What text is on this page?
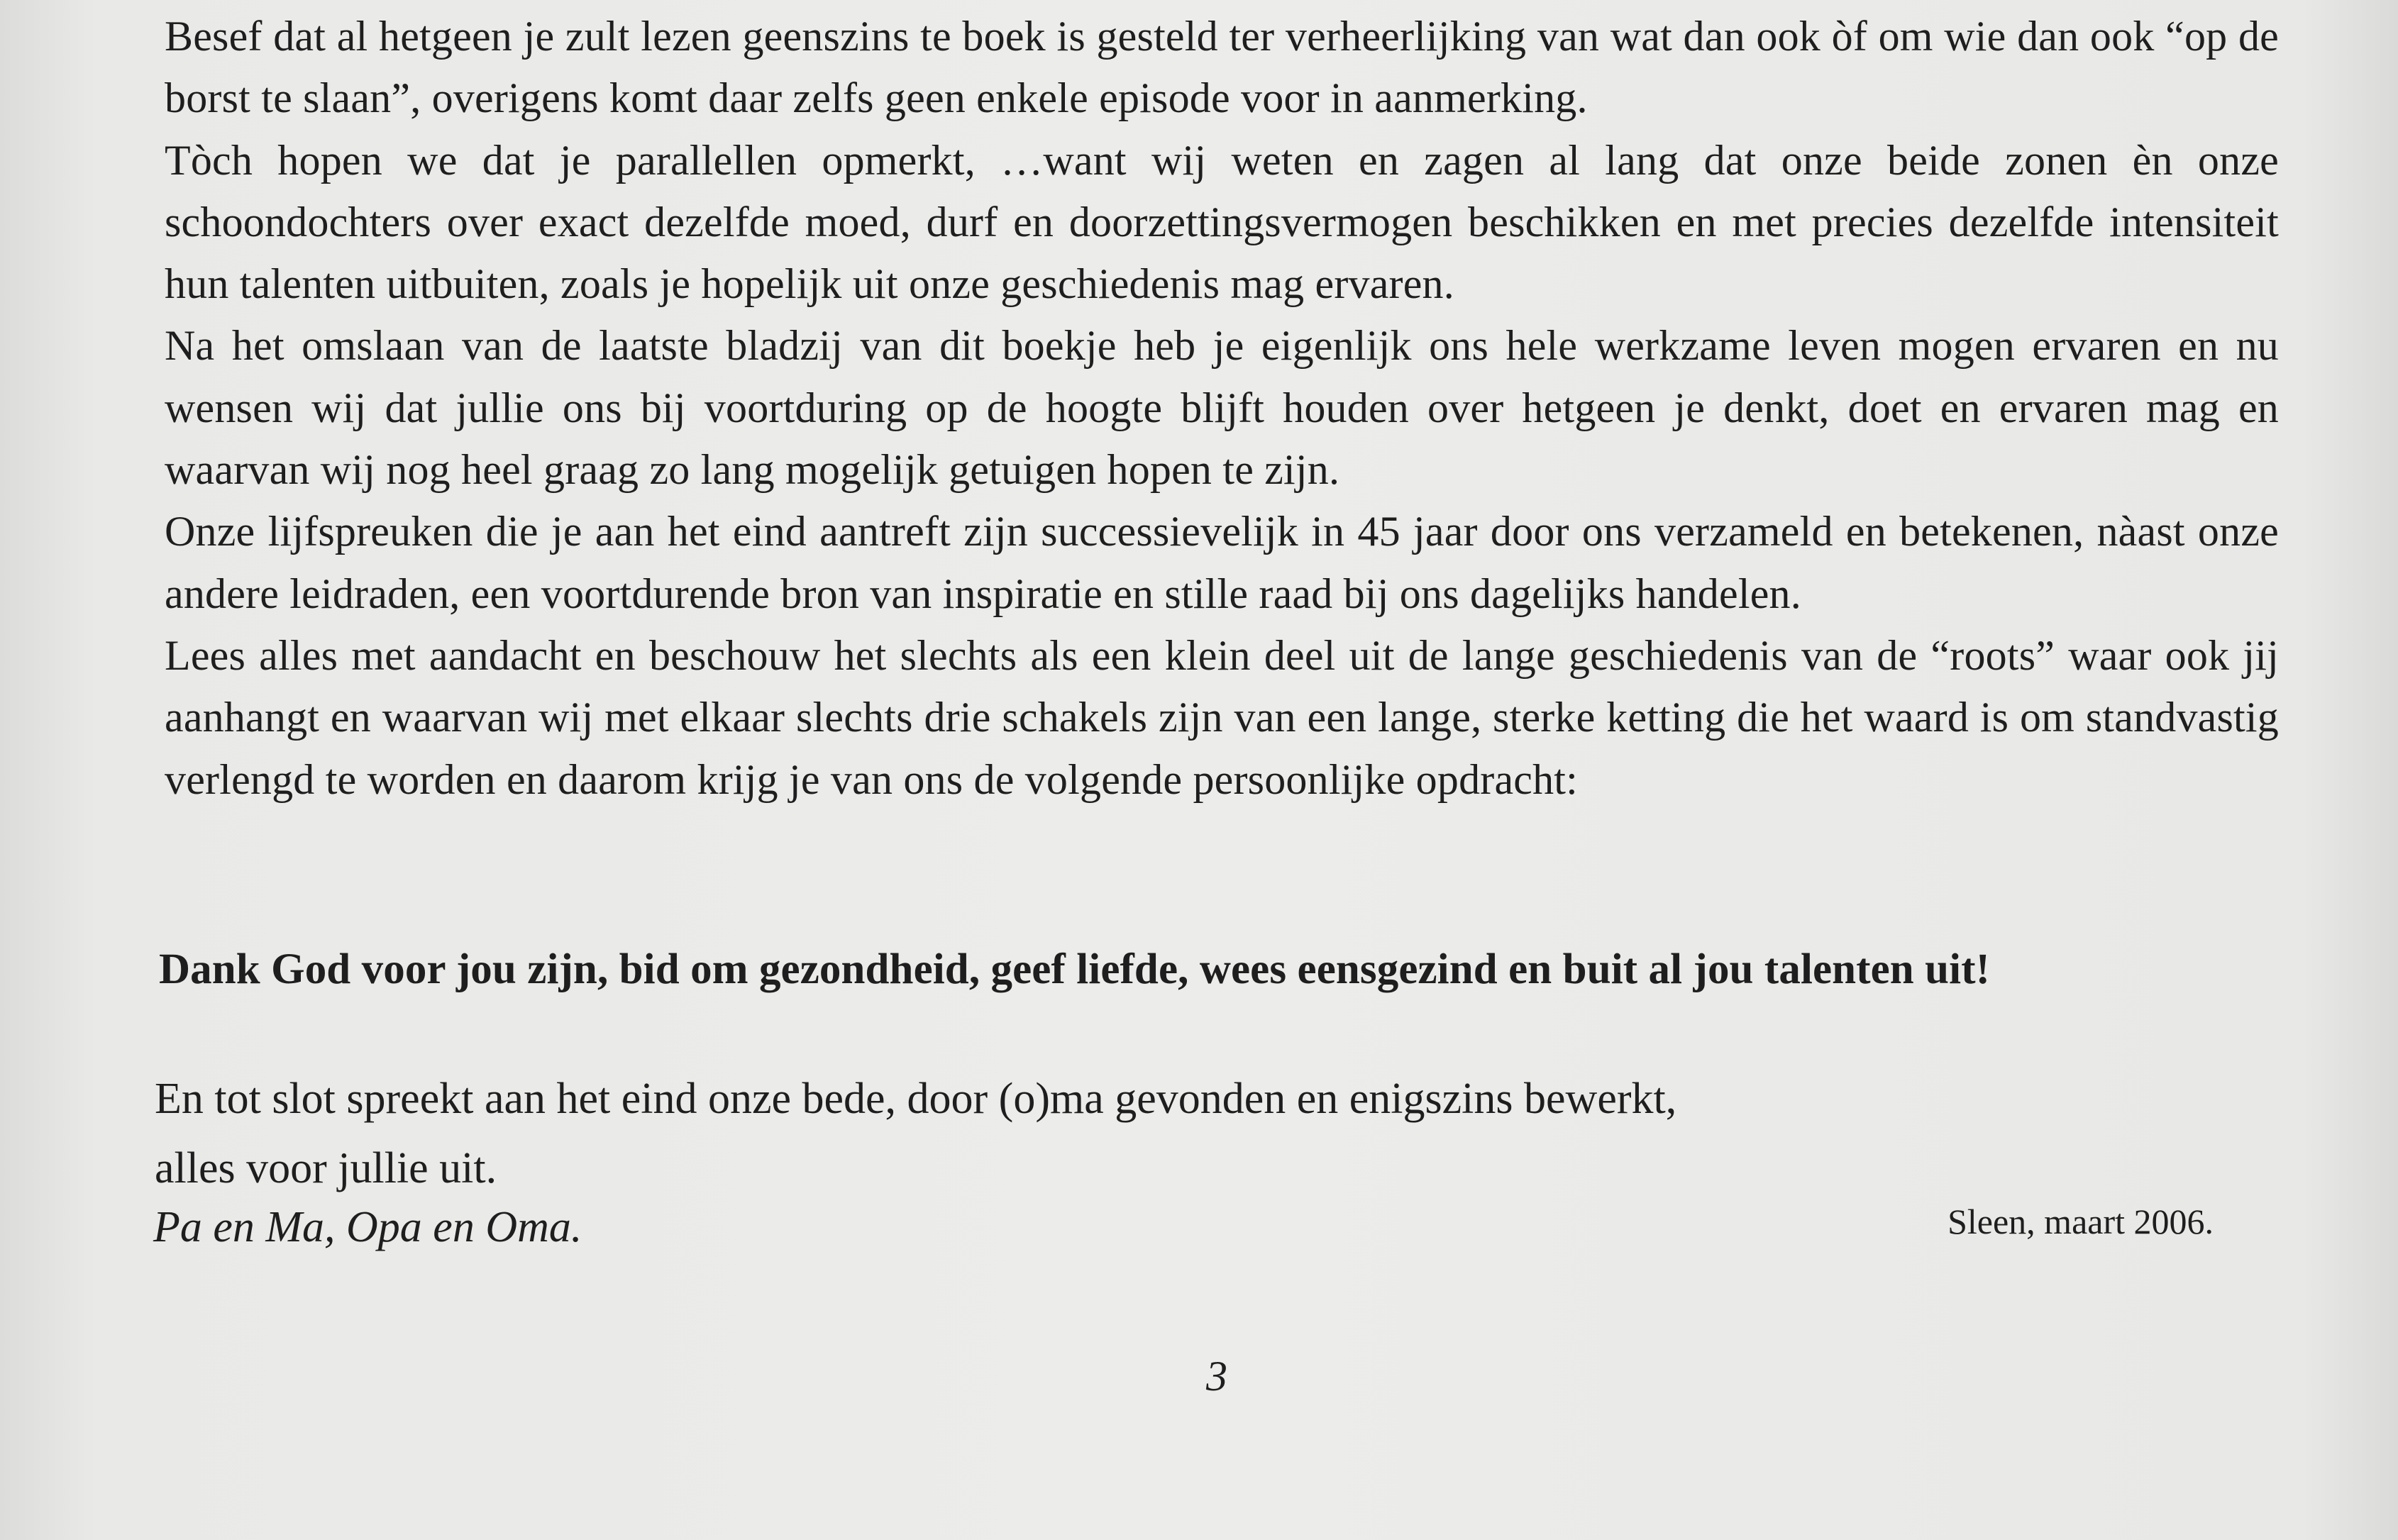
Besef dat al hetgeen je zult lezen geenszins te boek is gesteld ter verheerlijking van wat dan ook òf om wie dan ook “op de borst te slaan”, overigens komt daar zelfs geen enkele episode voor in aanmerking.

Tòch hopen we dat je parallellen opmerkt, …want wij weten en zagen al lang dat onze beide zonen èn onze schoondochters over exact dezelfde moed, durf en doorzettingsvermogen beschikken en met precies dezelfde intensiteit hun talenten uitbuiten, zoals je hopelijk uit onze geschiedenis mag ervaren.

Na het omslaan van de laatste bladzij van dit boekje heb je eigenlijk ons hele werkzame leven mogen ervaren en nu wensen wij dat jullie ons bij voortduring op de hoogte blijft houden over hetgeen je denkt, doet en ervaren mag en waarvan wij nog heel graag zo lang mogelijk getuigen hopen te zijn.

Onze lijfspreuken die je aan het eind aantreft zijn successievelijk in 45 jaar door ons verzameld en betekenen, nàast onze andere leidraden, een voortdurende bron van inspiratie en stille raad bij ons dagelijks handelen.

Lees alles met aandacht en beschouw het slechts als een klein deel uit de lange geschiedenis van de “roots” waar ook jij aanhangt en waarvan wij met elkaar slechts drie schakels zijn van een lange, sterke ketting die het waard is om standvastig verlengd te worden en daarom krijg je van ons de volgende persoonlijke opdracht:

Dank God voor jou zijn, bid om gezondheid, geef liefde, wees eensgezind en buit al jou talenten uit!

En tot slot spreekt aan het eind onze bede, door (o)ma gevonden en enigszins bewerkt,

alles voor jullie uit.

Pa en Ma, Opa en Oma.	Sleen, maart 2006.
3
